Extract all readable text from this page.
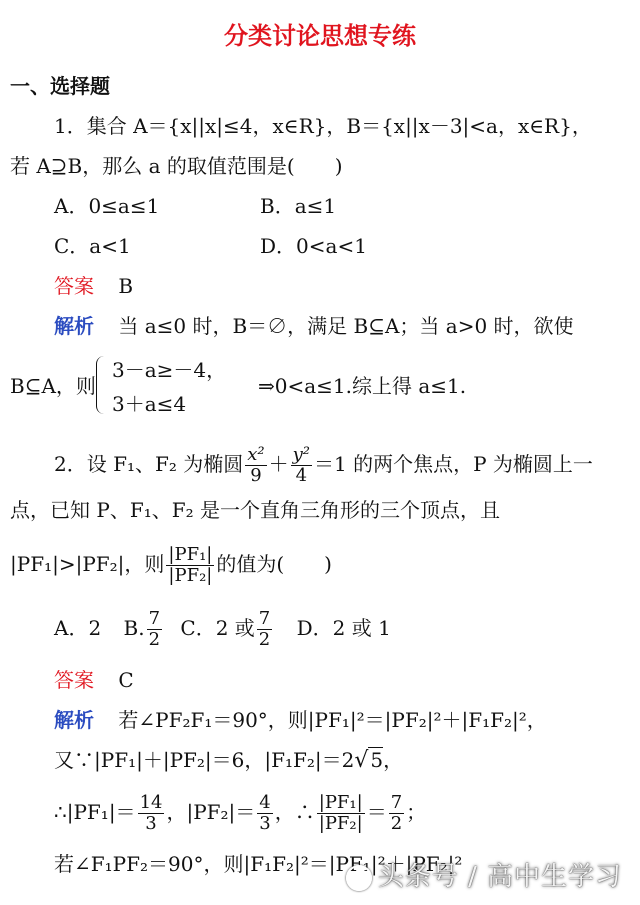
分类讨论思想专练
一、选择题
1．集合 A＝{x||x|≤4，x∈R}，B＝{x||x－3|<a，x∈R}，
若 A⊇B，那么 a 的取值范围是(　　)
A．0≤a≤1	B．a≤1
C．a<1	D．0<a<1
答案 B
解析 当 a≤0 时，B＝∅，满足 B⊆A；当 a>0 时，欲使
B⊆A，则
3－a≥－4，
3＋a≤4
⇒0<a≤1.综上得 a≤1.
2．设 F₁、F₂ 为椭圆 $\frac{\text{x²}}{9} + \frac{\text{y²}}{4} =1$ 的两个焦点，P 为椭圆上一
点，已知 P、F₁、F₂ 是一个直角三角形的三个顶点，且
|PF₁|>|PF₂|，则 $\frac{\text{|PF₁|}}{\text{|PF₂|}}$ 的值为(　　)
A．2 B. $\frac{7}{2}$ C．2 或 $\frac{7}{2}$ D．2 或 1
答案 C
解析 若∠PF₂F₁＝90°，则|PF₁|²＝|PF₂|²＋|F₁F₂|²，
又∵|PF₁|＋|PF₂|＝6，|F₁F₂|＝2√ 5，
∴|PF₁|＝ $\frac{14}{3}$ ，$|PF_2|= \frac{4}{3}$ ，∴ $\frac{\text{|PF₁|}}{\text{|PF₂|}} = \frac{7}{2}$ ；
若∠F₁PF₂＝90°，则|F₁F₂|²＝|PF₁|²＋|PF₂|²
头条号 / 高中生学习
